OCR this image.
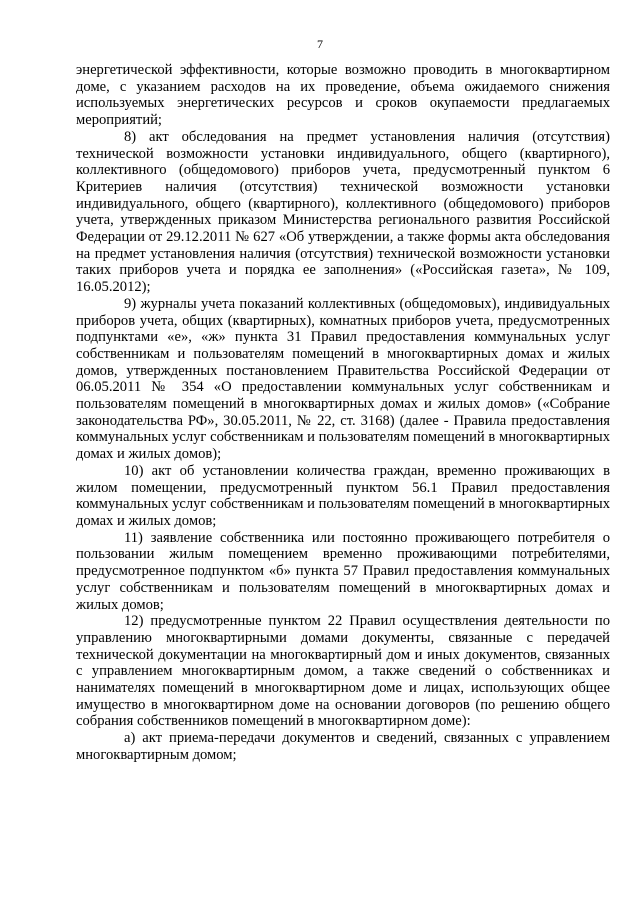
7

энергетической эффективности, которые возможно проводить в многоквартирном доме, с указанием расходов на их проведение, объема ожидаемого снижения используемых энергетических ресурсов и сроков окупаемости предлагаемых мероприятий;

8) акт обследования на предмет установления наличия (отсутствия) технической возможности установки индивидуального, общего (квартирного), коллективного (общедомового) приборов учета, предусмотренный пунктом 6 Критериев наличия (отсутствия) технической возможности установки индивидуального, общего (квартирного), коллективного (общедомового) приборов учета, утвержденных приказом Министерства регионального развития Российской Федерации от 29.12.2011 № 627 «Об утверждении, а также формы акта обследования на предмет установления наличия (отсутствия) технической возможности установки таких приборов учета и порядка ее заполнения» («Российская газета», № 109, 16.05.2012);

9) журналы учета показаний коллективных (общедомовых), индивидуальных приборов учета, общих (квартирных), комнатных приборов учета, предусмотренных подпунктами «е», «ж» пункта 31 Правил предоставления коммунальных услуг собственникам и пользователям помещений в многоквартирных домах и жилых домов, утвержденных постановлением Правительства Российской Федерации от 06.05.2011 № 354 «О предоставлении коммунальных услуг собственникам и пользователям помещений в многоквартирных домах и жилых домов» («Собрание законодательства РФ», 30.05.2011, № 22, ст. 3168) (далее - Правила предоставления коммунальных услуг собственникам и пользователям помещений в многоквартирных домах и жилых домов);

10) акт об установлении количества граждан, временно проживающих в жилом помещении, предусмотренный пунктом 56.1 Правил предоставления коммунальных услуг собственникам и пользователям помещений в многоквартирных домах и жилых домов;

11) заявление собственника или постоянно проживающего потребителя о пользовании жилым помещением временно проживающими потребителями, предусмотренное подпунктом «б» пункта 57 Правил предоставления коммунальных услуг собственникам и пользователям помещений в многоквартирных домах и жилых домов;

12) предусмотренные пунктом 22 Правил осуществления деятельности по управлению многоквартирными домами документы, связанные с передачей технической документации на многоквартирный дом и иных документов, связанных с управлением многоквартирным домом, а также сведений о собственниках и нанимателях помещений в многоквартирном доме и лицах, использующих общее имущество в многоквартирном доме на основании договоров (по решению общего собрания собственников помещений в многоквартирном доме):

а) акт приема-передачи документов и сведений, связанных с управлением многоквартирным домом;
